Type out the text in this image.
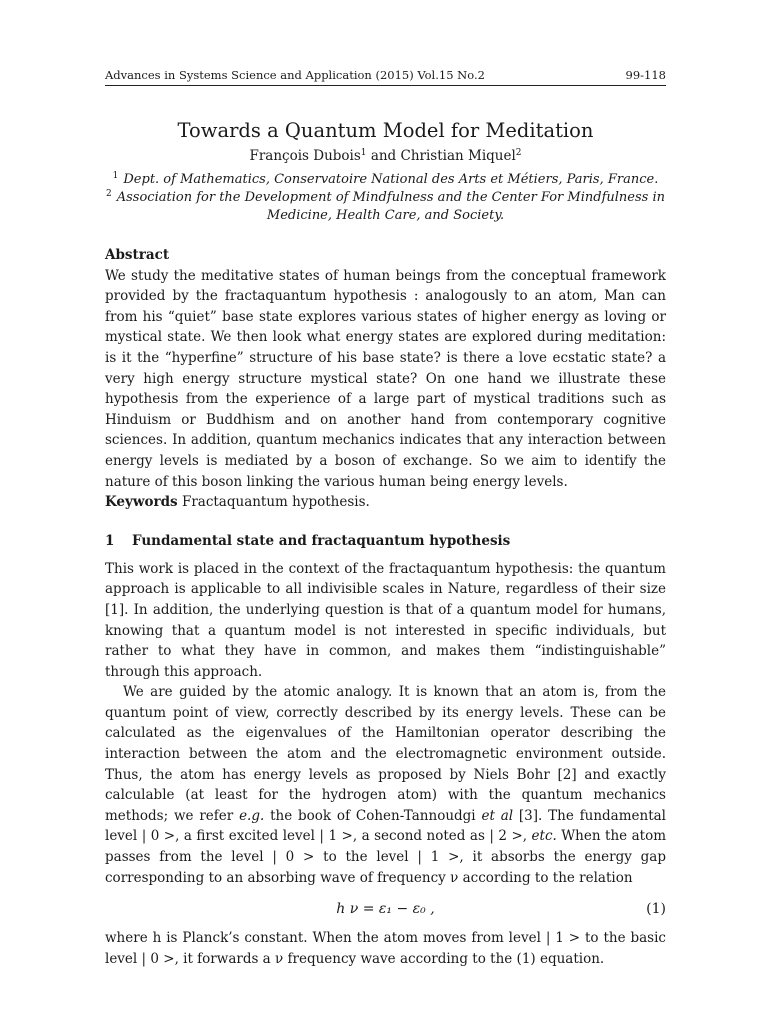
Advances in Systems Science and Application (2015) Vol.15 No.2	99-118
Towards a Quantum Model for Meditation
François Dubois$^1$ and Christian Miquel$^2$
$^1$ Dept. of Mathematics, Conservatoire National des Arts et Métiers, Paris, France.
$^2$ Association for the Development of Mindfulness and the Center For Mindfulness in Medicine, Health Care, and Society.
Abstract
We study the meditative states of human beings from the conceptual framework provided by the fractaquantum hypothesis : analogously to an atom, Man can from his “quiet” base state explores various states of higher energy as loving or mystical state. We then look what energy states are explored during meditation: is it the “hyperfine” structure of his base state? is there a love ecstatic state? a very high energy structure mystical state? On one hand we illustrate these hypothesis from the experience of a large part of mystical traditions such as Hinduism or Buddhism and on another hand from contemporary cognitive sciences. In addition, quantum mechanics indicates that any interaction between energy levels is mediated by a boson of exchange. So we aim to identify the nature of this boson linking the various human being energy levels.
Keywords Fractaquantum hypothesis.
1 Fundamental state and fractaquantum hypothesis

This work is placed in the context of the fractaquantum hypothesis: the quantum approach is applicable to all indivisible scales in Nature, regardless of their size [1]. In addition, the underlying question is that of a quantum model for humans, knowing that a quantum model is not interested in specific individuals, but rather to what they have in common, and makes them “indistinguishable” through this approach.

We are guided by the atomic analogy. It is known that an atom is, from the quantum point of view, correctly described by its energy levels. These can be calculated as the eigenvalues of the Hamiltonian operator describing the interaction between the atom and the electromagnetic environment outside. Thus, the atom has energy levels as proposed by Niels Bohr [2] and exactly calculable (at least for the hydrogen atom) with the quantum mechanics methods; we refer e.g. the book of Cohen-Tannoudgi et al [3]. The fundamental level | 0 >, a first excited level | 1 >, a second noted as | 2 >, etc. When the atom passes from the level | 0 > to the level | 1 >, it absorbs the energy gap corresponding to an absorbing wave of frequency ν according to the relation

h ν = ε₁ − ε₀ ,	(1)

where h is Planck’s constant. When the atom moves from level | 1 > to the basic level | 0 >, it forwards a ν frequency wave according to the (1) equation.
